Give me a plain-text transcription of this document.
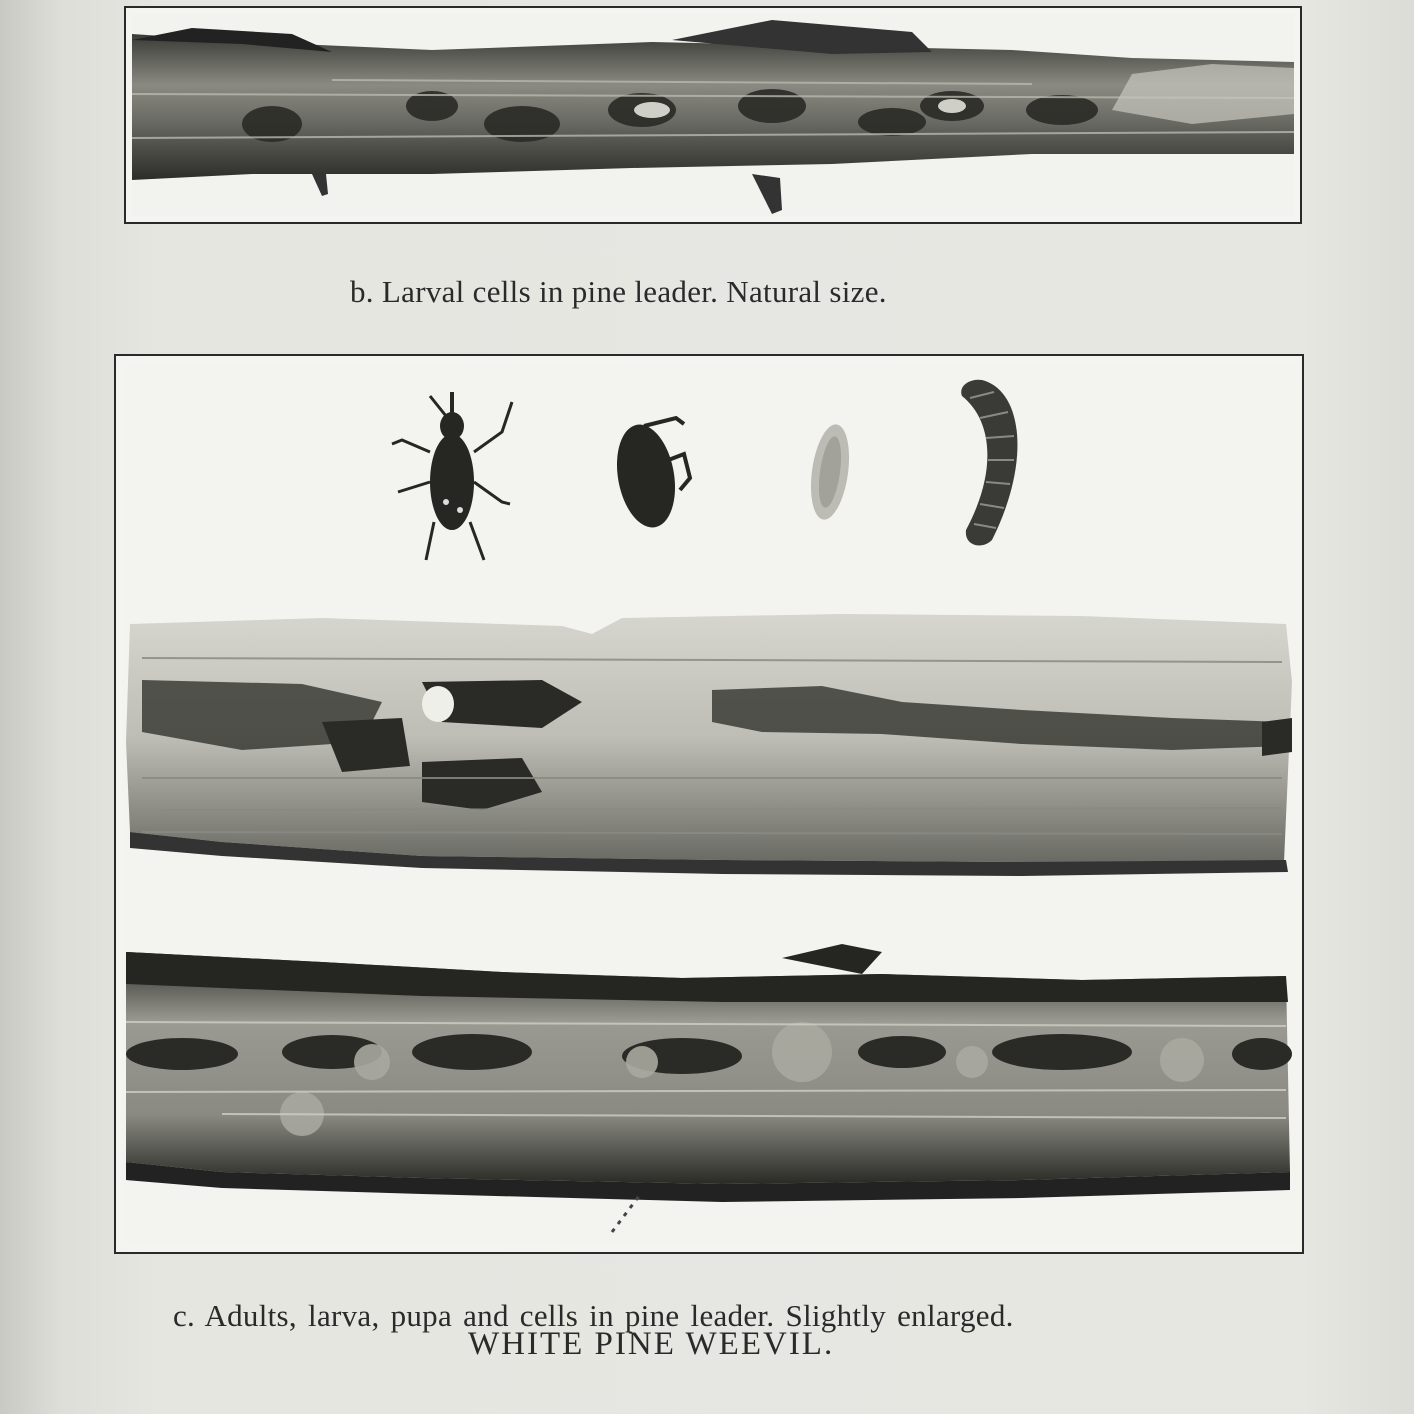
b. Larval cells in pine leader. Natural size.
c. Adults, larva, pupa and cells in pine leader. Slightly enlarged.
WHITE PINE WEEVIL.
